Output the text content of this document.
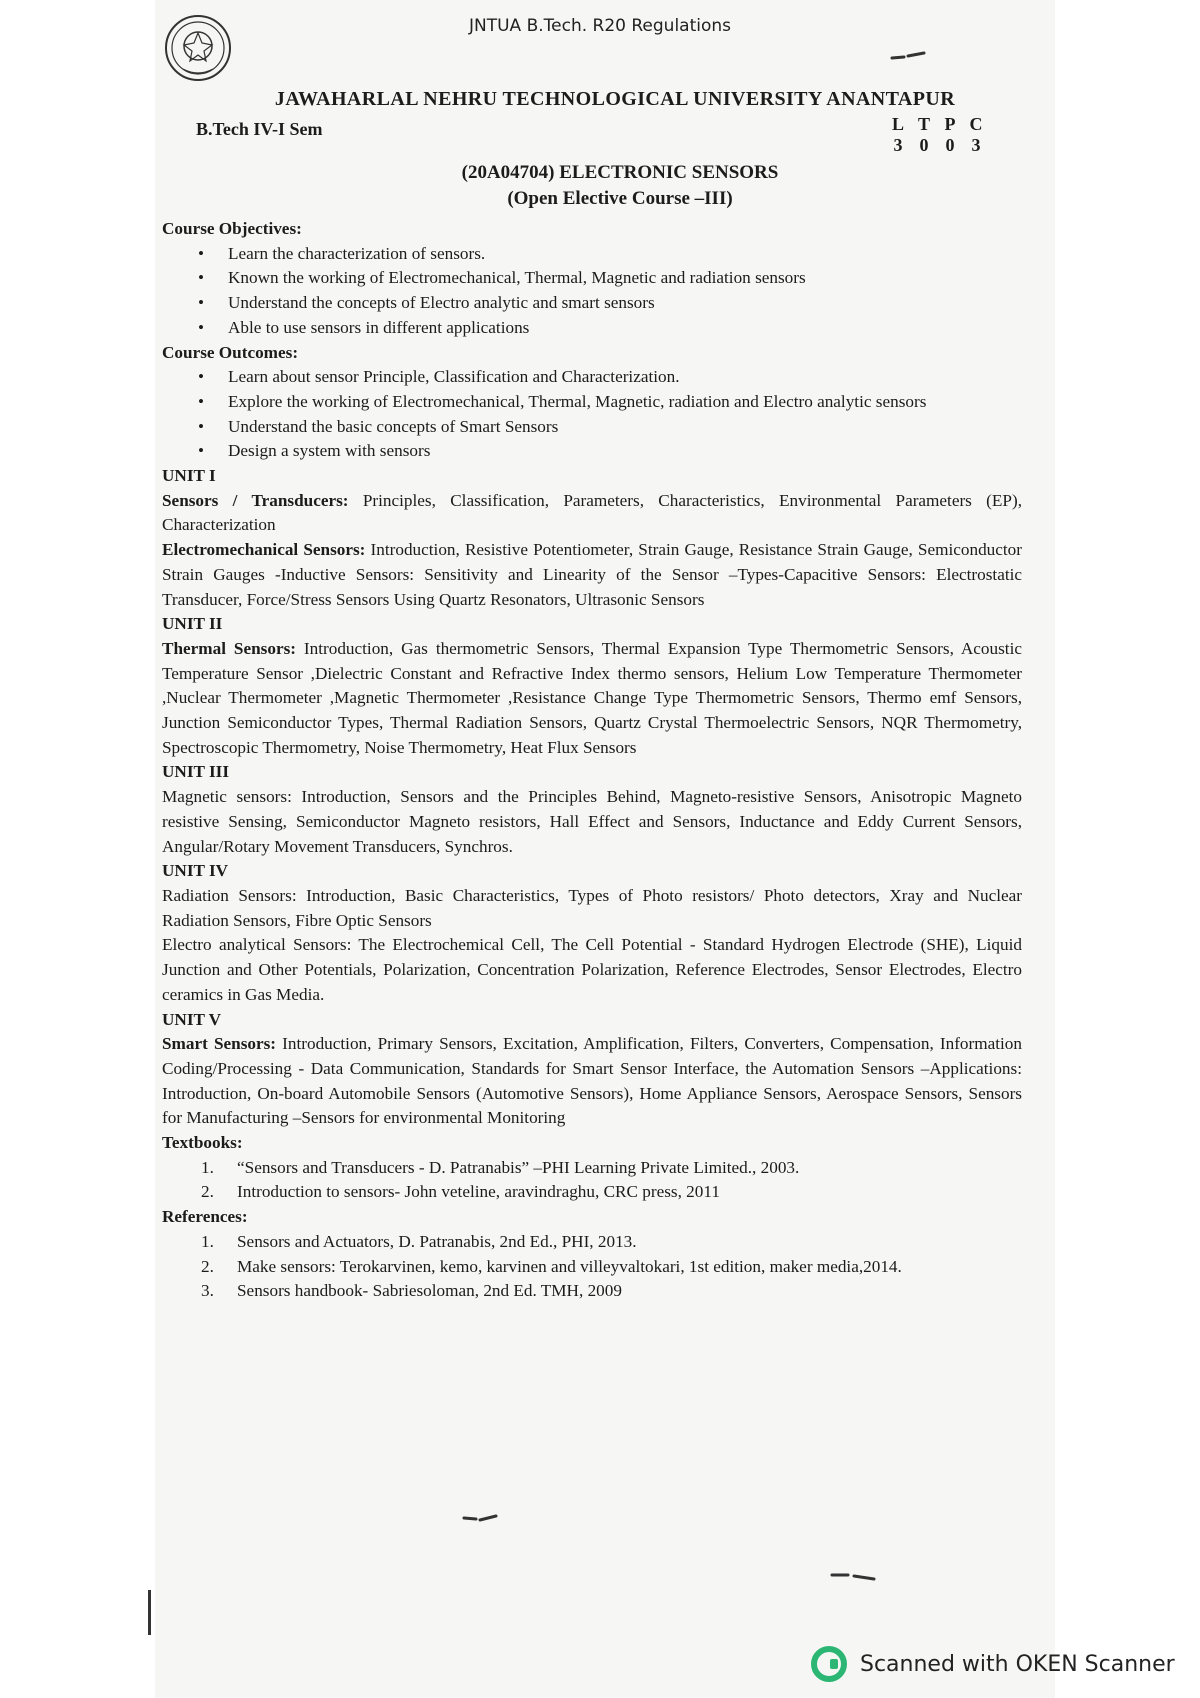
JNTUA B.Tech. R20 Regulations
JAWAHARLAL NEHRU TECHNOLOGICAL UNIVERSITY ANANTAPUR
B.Tech IV-I Sem	L T P C
3 0 0 3
(20A04704) ELECTRONIC SENSORS
(Open Elective Course –III)
Course Objectives:
• Learn the characterization of sensors.
• Known the working of Electromechanical, Thermal, Magnetic and radiation sensors
• Understand the concepts of Electro analytic and smart sensors
• Able to use sensors in different applications
Course Outcomes:
• Learn about sensor Principle, Classification and Characterization.
• Explore the working of Electromechanical, Thermal, Magnetic, radiation and Electro analytic sensors
• Understand the basic concepts of Smart Sensors
• Design a system with sensors
UNIT I

Sensors / Transducers: Principles, Classification, Parameters, Characteristics, Environmental Parameters (EP), Characterization

Electromechanical Sensors: Introduction, Resistive Potentiometer, Strain Gauge, Resistance Strain Gauge, Semiconductor Strain Gauges -Inductive Sensors: Sensitivity and Linearity of the Sensor –Types-Capacitive Sensors: Electrostatic Transducer, Force/Stress Sensors Using Quartz Resonators, Ultrasonic Sensors

UNIT II

Thermal Sensors: Introduction, Gas thermometric Sensors, Thermal Expansion Type Thermometric Sensors, Acoustic Temperature Sensor ,Dielectric Constant and Refractive Index thermo sensors, Helium Low Temperature Thermometer ,Nuclear Thermometer ,Magnetic Thermometer ,Resistance Change Type Thermometric Sensors, Thermo emf Sensors, Junction Semiconductor Types, Thermal Radiation Sensors, Quartz Crystal Thermoelectric Sensors, NQR Thermometry, Spectroscopic Thermometry, Noise Thermometry, Heat Flux Sensors

UNIT III

Magnetic sensors: Introduction, Sensors and the Principles Behind, Magneto-resistive Sensors, Anisotropic Magneto resistive Sensing, Semiconductor Magneto resistors, Hall Effect and Sensors, Inductance and Eddy Current Sensors, Angular/Rotary Movement Transducers, Synchros.

UNIT IV

Radiation Sensors: Introduction, Basic Characteristics, Types of Photo resistors/ Photo detectors, Xray and Nuclear Radiation Sensors, Fibre Optic Sensors

Electro analytical Sensors: The Electrochemical Cell, The Cell Potential - Standard Hydrogen Electrode (SHE), Liquid Junction and Other Potentials, Polarization, Concentration Polarization, Reference Electrodes, Sensor Electrodes, Electro ceramics in Gas Media.

UNIT V

Smart Sensors: Introduction, Primary Sensors, Excitation, Amplification, Filters, Converters, Compensation, Information Coding/Processing - Data Communication, Standards for Smart Sensor Interface, the Automation Sensors –Applications: Introduction, On-board Automobile Sensors (Automotive Sensors), Home Appliance Sensors, Aerospace Sensors, Sensors for Manufacturing –Sensors for environmental Monitoring

Textbooks:
1. “Sensors and Transducers - D. Patranabis” –PHI Learning Private Limited., 2003.
2. Introduction to sensors- John veteline, aravindraghu, CRC press, 2011
References:
1. Sensors and Actuators, D. Patranabis, 2nd Ed., PHI, 2013.
2. Make sensors: Terokarvinen, kemo, karvinen and villeyvaltokari, 1st edition, maker media,2014.
3. Sensors handbook- Sabriesoloman, 2nd Ed. TMH, 2009
Scanned with OKEN Scanner
